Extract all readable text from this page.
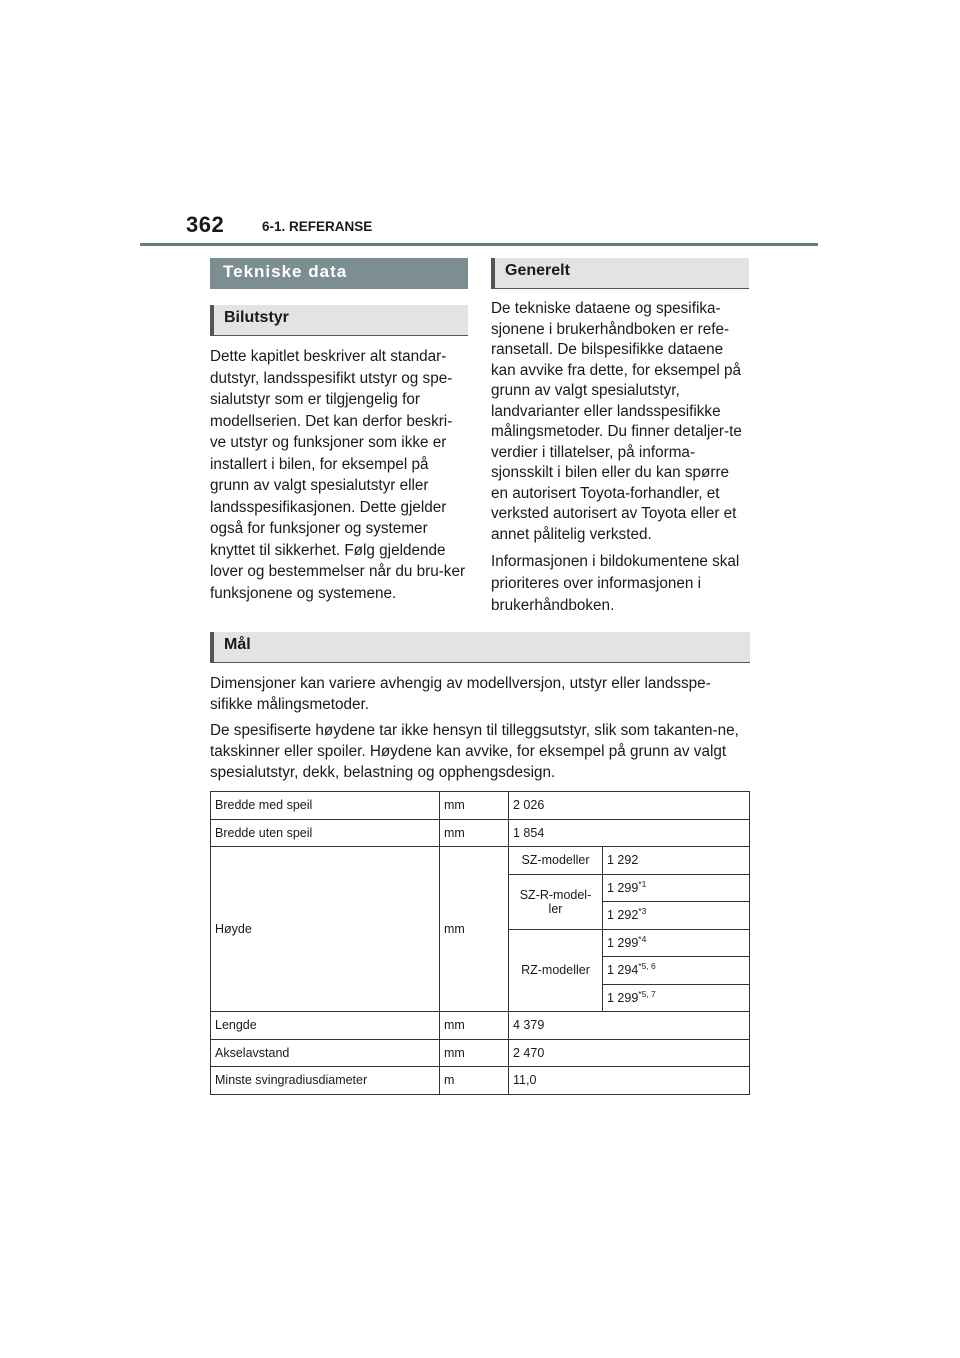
362	6-1. REFERANSE
Tekniske data
Bilutstyr

Dette kapitlet beskriver alt standar-dutstyr, landsspesifikt utstyr og spe-sialutstyr som er tilgjengelig for modellserien. Det kan derfor beskri-ve utstyr og funksjoner som ikke er installert i bilen, for eksempel på grunn av valgt spesialutstyr eller landsspesifikasjonen. Dette gjelder også for funksjoner og systemer knyttet til sikkerhet. Følg gjeldende lover og bestemmelser når du bru-ker funksjonene og systemene.

Generelt

De tekniske dataene og spesifika-sjonene i brukerhåndboken er refe-ransetall. De bilspesifikke dataene kan avvike fra dette, for eksempel på grunn av valgt spesialutstyr, landvarianter eller landsspesifikke målingsmetoder. Du finner detaljer-te verdier i tillatelser, på informa-sjonsskilt i bilen eller du kan spørre en autorisert Toyota-forhandler, et verksted autorisert av Toyota eller et annet pålitelig verksted.

Informasjonen i bildokumentene skal prioriteres over informasjonen i brukerhåndboken.

Mål

Dimensjoner kan variere avhengig av modellversjon, utstyr eller landsspe-sifikke målingsmetoder.

De spesifiserte høydene tar ikke hensyn til tilleggsutstyr, slik som takanten-ne, takskinner eller spoiler. Høydene kan avvike, for eksempel på grunn av valgt spesialutstyr, dekk, belastning og opphengsdesign.

Bredde med speil	mm	2 026	
Bredde uten speil	mm	1 854	
Høyde	mm	SZ-modeller	1 292
		SZ-R-model-ler	1 299$^{*1}$
			1 292$^{*3}$
		RZ-modeller	1 299$^{*4}$
			1 294$^{*5, 6}$
			1 299$^{*5, 7}$
Lengde	mm	4 379	
Akselavstand	mm	2 470	
Minste svingradiusdiameter	m	11,0	
